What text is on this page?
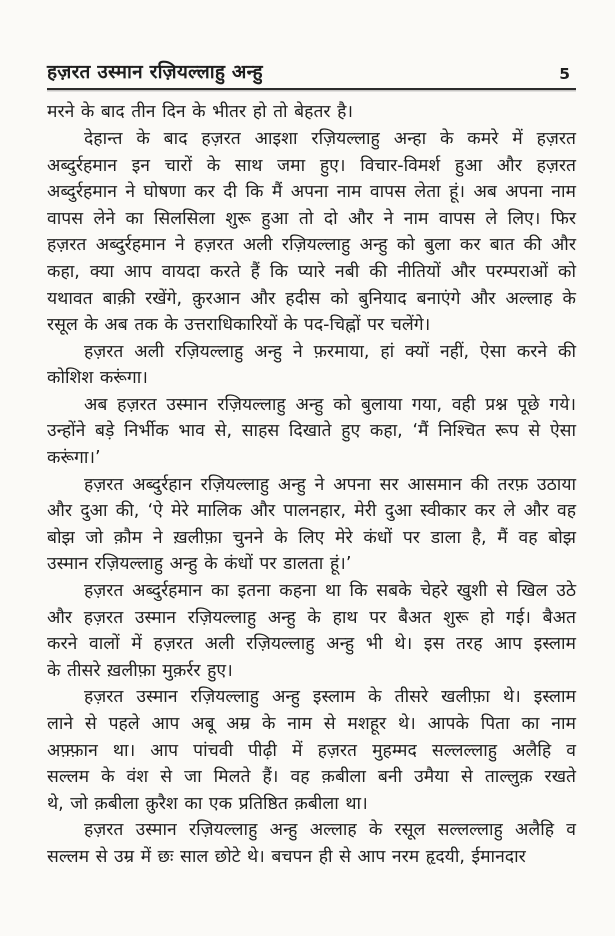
हज़रत उस्मान रज़ियल्लाहु अन्हु	5
मरने के बाद तीन दिन के भीतर हो तो बेहतर है।
देहान्त के बाद हज़रत आइशा रज़ियल्लाहु अन्हा के कमरे में हज़रत
अब्दुर्रहमान इन चारों के साथ जमा हुए। विचार-विमर्श हुआ और हज़रत
अब्दुर्रहमान ने घोषणा कर दी कि मैं अपना नाम वापस लेता हूं। अब अपना नाम
वापस लेने का सिलसिला शुरू हुआ तो दो और ने नाम वापस ले लिए। फिर
हज़रत अब्दुर्रहमान ने हज़रत अली रज़ियल्लाहु अन्हु को बुला कर बात की और
कहा, क्या आप वायदा करते हैं कि प्यारे नबी की नीतियों और परम्पराओं को
यथावत बाक़ी रखेंगे, क़ुरआन और हदीस को बुनियाद बनाएंगे और अल्लाह के
रसूल के अब तक के उत्तराधिकारियों के पद-चिह्नों पर चलेंगे।
हज़रत अली रज़ियल्लाहु अन्हु ने फ़रमाया, हां क्यों नहीं, ऐसा करने की
कोशिश करूंगा।
अब हज़रत उस्मान रज़ियल्लाहु अन्हु को बुलाया गया, वही प्रश्न पूछे गये।
उन्होंने बड़े निर्भीक भाव से, साहस दिखाते हुए कहा, ‘मैं निश्चित रूप से ऐसा
करूंगा।’
हज़रत अब्दुर्रहान रज़ियल्लाहु अन्हु ने अपना सर आसमान की तरफ़ उठाया
और दुआ की, ‘ऐ मेरे मालिक और पालनहार, मेरी दुआ स्वीकार कर ले और वह
बोझ जो क़ौम ने ख़लीफ़ा चुनने के लिए मेरे कंधों पर डाला है, मैं वह बोझ
उस्मान रज़ियल्लाहु अन्हु के कंधों पर डालता हूं।’
हज़रत अब्दुर्रहमान का इतना कहना था कि सबके चेहरे खुशी से खिल उठे
और हज़रत उस्मान रज़ियल्लाहु अन्हु के हाथ पर बैअत शुरू हो गई। बैअत
करने वालों में हज़रत अली रज़ियल्लाहु अन्हु भी थे। इस तरह आप इस्लाम
के तीसरे ख़लीफ़ा मुक़र्रर हुए।
हज़रत उस्मान रज़ियल्लाहु अन्हु इस्लाम के तीसरे खलीफ़ा थे। इस्लाम
लाने से पहले आप अबू अम्र के नाम से मशहूर थे। आपके पिता का नाम
अफ़्फ़ान था। आप पांचवी पीढ़ी में हज़रत मुहम्मद सल्लल्लाहु अलैहि व
सल्लम के वंश से जा मिलते हैं। वह क़बीला बनी उमैया से ताल्लुक़ रखते
थे, जो क़बीला क़ुरैश का एक प्रतिष्ठित क़बीला था।
हज़रत उस्मान रज़ियल्लाहु अन्हु अल्लाह के रसूल सल्लल्लाहु अलैहि व
सल्लम से उम्र में छः साल छोटे थे। बचपन ही से आप नरम हृदयी, ईमानदार
